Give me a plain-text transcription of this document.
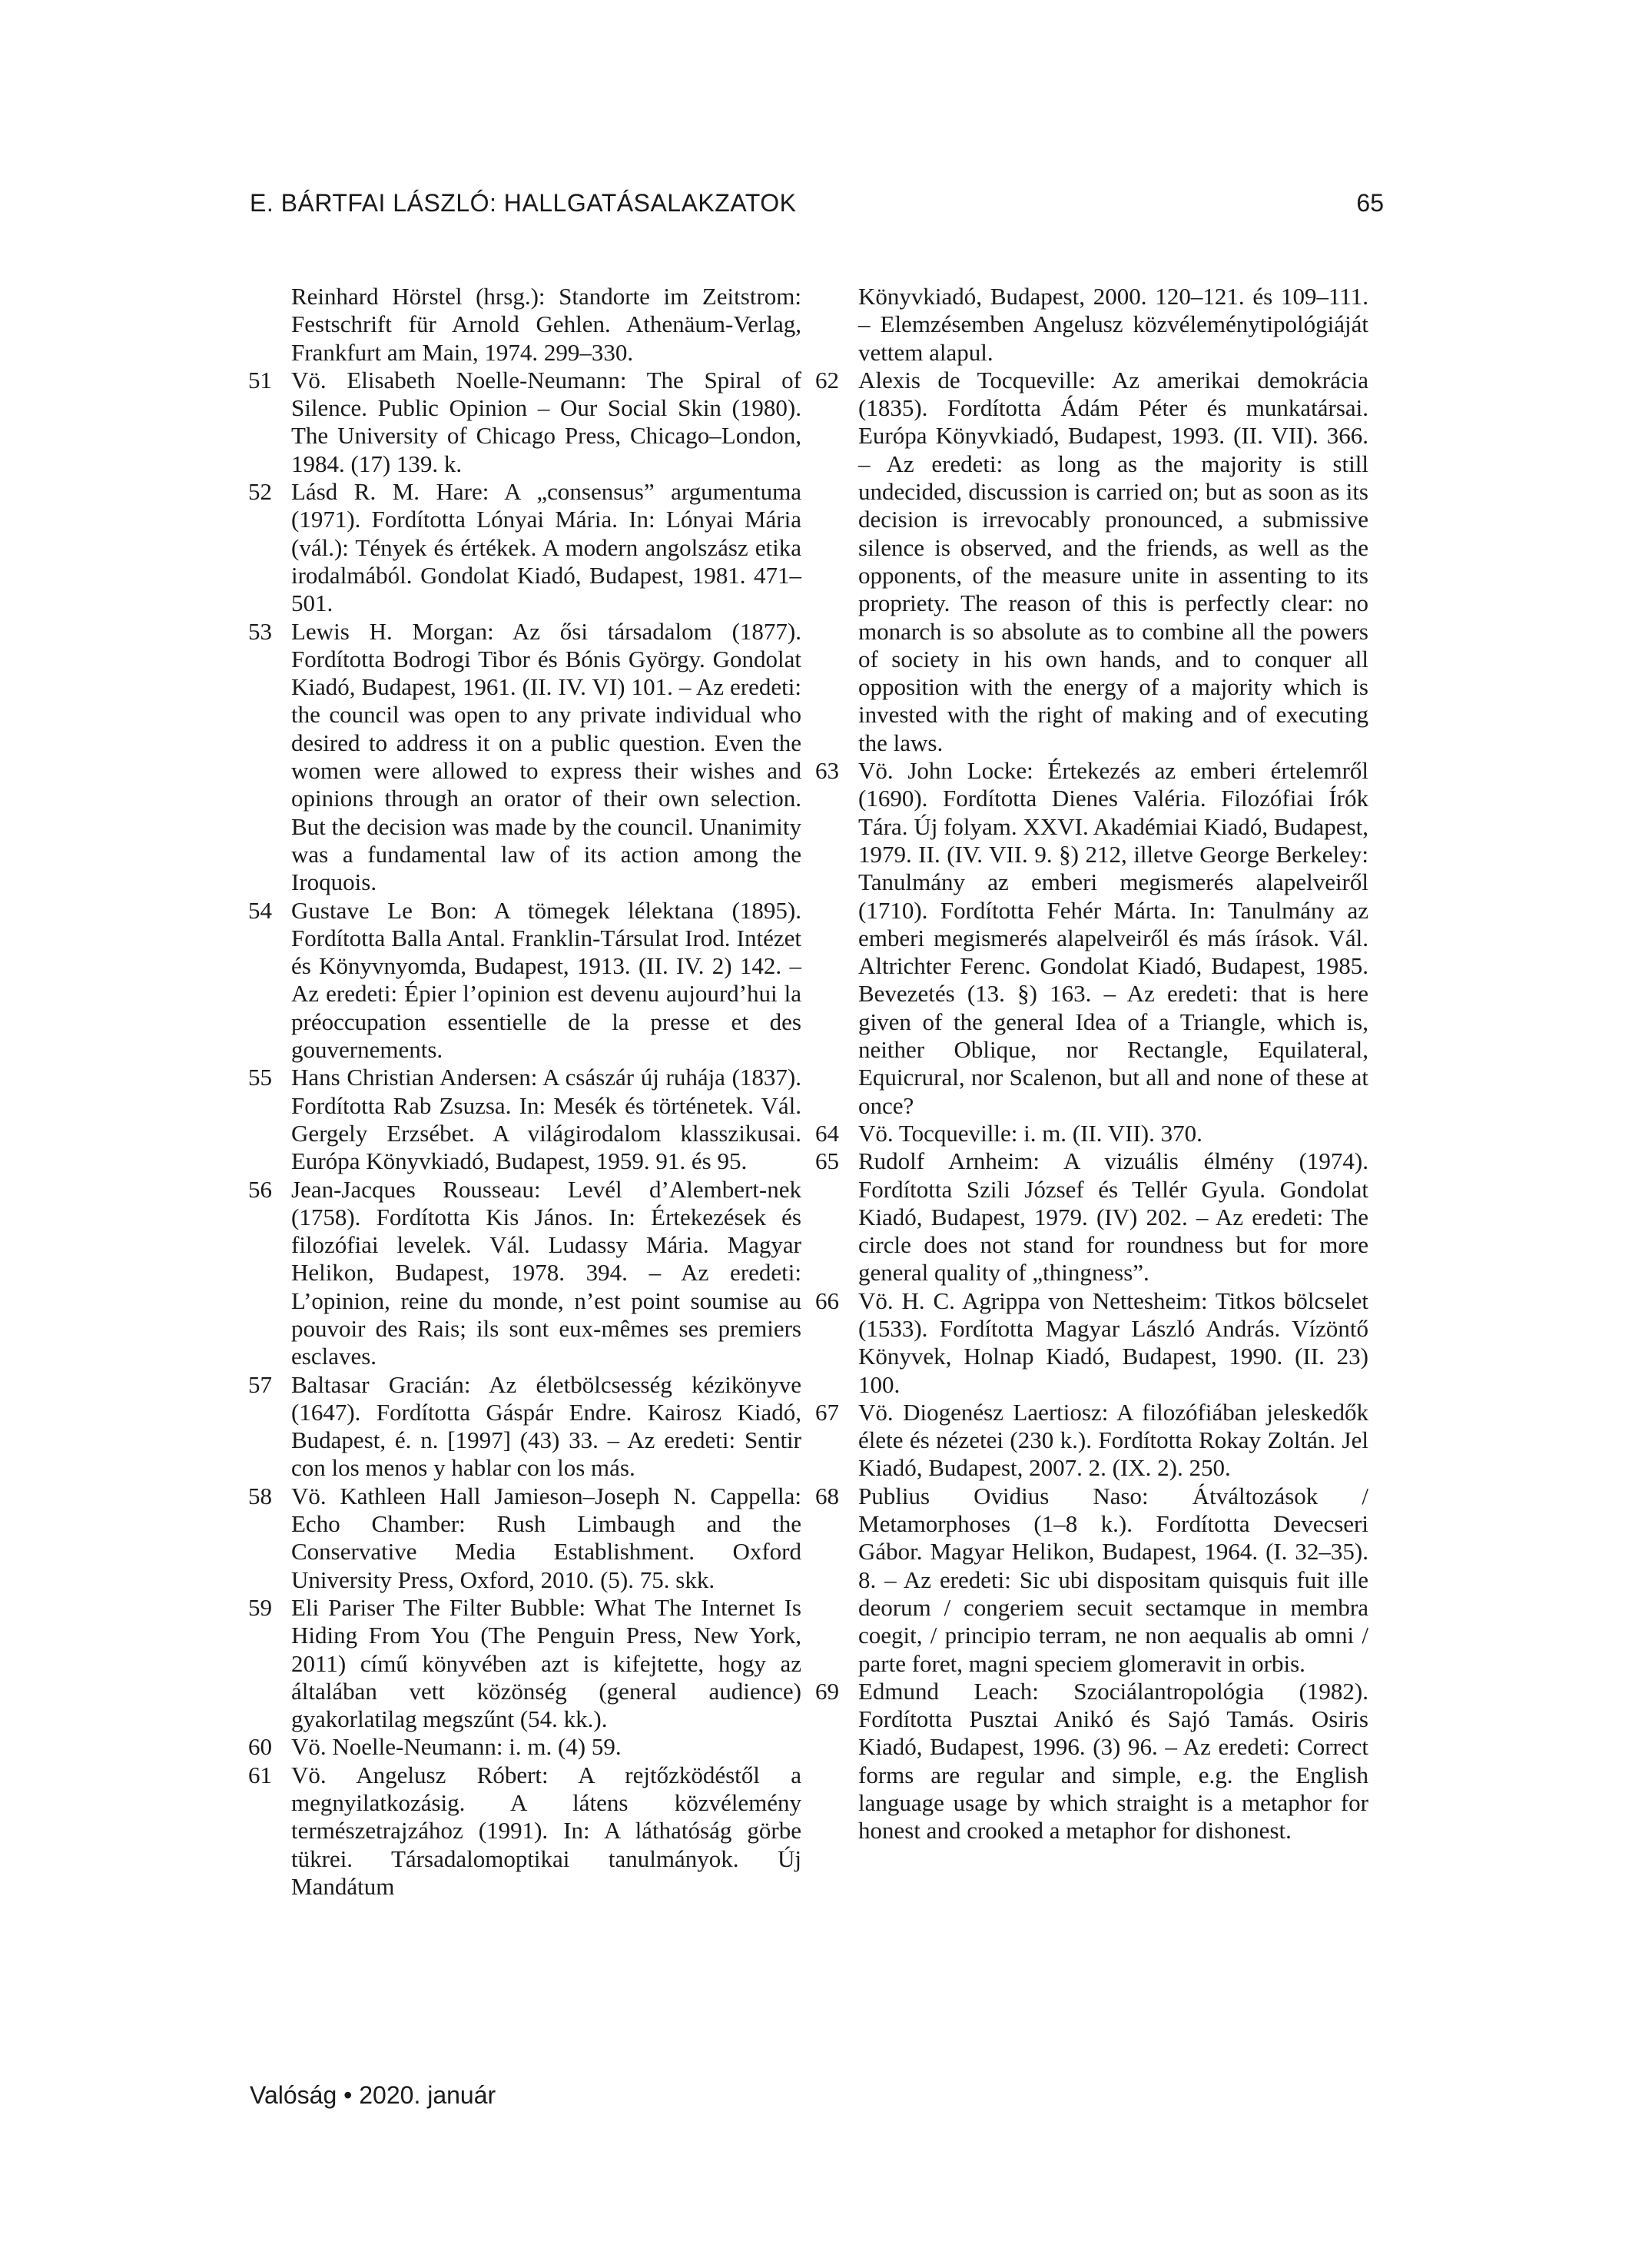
E. BÁRTFAI LÁSZLÓ: HALLGATÁSALAKZATOK	65
Reinhard Hörstel (hrsg.): Standorte im Zeitstrom: Festschrift für Arnold Gehlen. Athenäum-Verlag, Frankfurt am Main, 1974. 299–330.
51 Vö. Elisabeth Noelle-Neumann: The Spiral of Silence. Public Opinion – Our Social Skin (1980). The University of Chicago Press, Chicago–London, 1984. (17) 139. k.
52 Lásd R. M. Hare: A „consensus” argumentuma (1971). Fordította Lónyai Mária. In: Lónyai Mária (vál.): Tények és értékek. A modern angolszász etika irodalmából. Gondolat Kiadó, Budapest, 1981. 471–501.
53 Lewis H. Morgan: Az ősi társadalom (1877). Fordította Bodrogi Tibor és Bónis György. Gondolat Kiadó, Budapest, 1961. (II. IV. VI) 101. – Az eredeti: the council was open to any private individual who desired to address it on a public question. Even the women were allowed to express their wishes and opinions through an orator of their own selection. But the decision was made by the council. Unanimity was a fundamental law of its action among the Iroquois.
54 Gustave Le Bon: A tömegek lélektana (1895). Fordította Balla Antal. Franklin-Társulat Irod. Intézet és Könyvnyomda, Budapest, 1913. (II. IV. 2) 142. – Az eredeti: Épier l’opinion est devenu aujourd’hui la préoccupation essentielle de la presse et des gouvernements.
55 Hans Christian Andersen: A császár új ruhája (1837). Fordította Rab Zsuzsa. In: Mesék és történetek. Vál. Gergely Erzsébet. A világirodalom klasszikusai. Európa Könyvkiadó, Budapest, 1959. 91. és 95.
56 Jean-Jacques Rousseau: Levél d’Alembert-nek (1758). Fordította Kis János. In: Értekezések és filozófiai levelek. Vál. Ludassy Mária. Magyar Helikon, Budapest, 1978. 394. – Az eredeti: L’opinion, reine du monde, n’est point soumise au pouvoir des Rais; ils sont eux-mêmes ses premiers esclaves.
57 Baltasar Gracián: Az életbölcsesség kézikönyve (1647). Fordította Gáspár Endre. Kairosz Kiadó, Budapest, é. n. [1997] (43) 33. – Az eredeti: Sentir con los menos y hablar con los más.
58 Vö. Kathleen Hall Jamieson–Joseph N. Cappella: Echo Chamber: Rush Limbaugh and the Conservative Media Establishment. Oxford University Press, Oxford, 2010. (5). 75. skk.
59 Eli Pariser The Filter Bubble: What The Internet Is Hiding From You (The Penguin Press, New York, 2011) című könyvében azt is kifejtette, hogy az általában vett közönség (general audience) gyakorlatilag megszűnt (54. kk.).
60 Vö. Noelle-Neumann: i. m. (4) 59.
61 Vö. Angelusz Róbert: A rejtőzködéstől a megnyilatkozásig. A látens közvélemény természetrajzához (1991). In: A láthatóság görbe tükrei. Társadalomoptikai tanulmányok. Új Mandátum
Könyvkiadó, Budapest, 2000. 120–121. és 109–111. – Elemzésemben Angelusz közvéleménytipológiáját vettem alapul.
62 Alexis de Tocqueville: Az amerikai demokrácia (1835). Fordította Ádám Péter és munkatársai. Európa Könyvkiadó, Budapest, 1993. (II. VII). 366. – Az eredeti: as long as the majority is still undecided, discussion is carried on; but as soon as its decision is irrevocably pronounced, a submissive silence is observed, and the friends, as well as the opponents, of the measure unite in assenting to its propriety. The reason of this is perfectly clear: no monarch is so absolute as to combine all the powers of society in his own hands, and to conquer all opposition with the energy of a majority which is invested with the right of making and of executing the laws.
63 Vö. John Locke: Értekezés az emberi értelemről (1690). Fordította Dienes Valéria. Filozófiai Írók Tára. Új folyam. XXVI. Akadémiai Kiadó, Budapest, 1979. II. (IV. VII. 9. §) 212, illetve George Berkeley: Tanulmány az emberi megismerés alapelveiről (1710). Fordította Fehér Márta. In: Tanulmány az emberi megismerés alapelveiről és más írások. Vál. Altrichter Ferenc. Gondolat Kiadó, Budapest, 1985. Bevezetés (13. §) 163. – Az eredeti: that is here given of the general Idea of a Triangle, which is, neither Oblique, nor Rectangle, Equilateral, Equicrural, nor Scalenon, but all and none of these at once?
64 Vö. Tocqueville: i. m. (II. VII). 370.
65 Rudolf Arnheim: A vizuális élmény (1974). Fordította Szili József és Tellér Gyula. Gondolat Kiadó, Budapest, 1979. (IV) 202. – Az eredeti: The circle does not stand for roundness but for more general quality of „thingness”.
66 Vö. H. C. Agrippa von Nettesheim: Titkos bölcselet (1533). Fordította Magyar László András. Vízöntő Könyvek, Holnap Kiadó, Budapest, 1990. (II. 23) 100.
67 Vö. Diogenész Laertiosz: A filozófiában jeleskedők élete és nézetei (230 k.). Fordította Rokay Zoltán. Jel Kiadó, Budapest, 2007. 2. (IX. 2). 250.
68 Publius Ovidius Naso: Átváltozások / Metamorphoses (1–8 k.). Fordította Devecseri Gábor. Magyar Helikon, Budapest, 1964. (I. 32–35). 8. – Az eredeti: Sic ubi dispositam quisquis fuit ille deorum / congeriem secuit sectamque in membra coegit, / principio terram, ne non aequalis ab omni / parte foret, magni speciem glomeravit in orbis.
69 Edmund Leach: Szociálantropológia (1982). Fordította Pusztai Anikó és Sajó Tamás. Osiris Kiadó, Budapest, 1996. (3) 96. – Az eredeti: Correct forms are regular and simple, e.g. the English language usage by which straight is a metaphor for honest and crooked a metaphor for dishonest.
Valóság • 2020. január
